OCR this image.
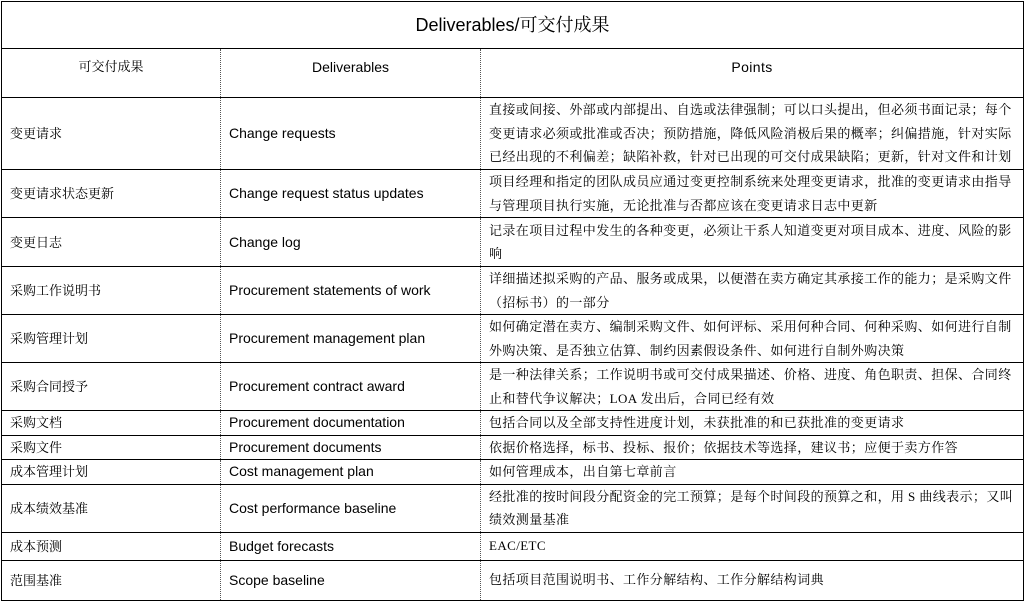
Deliverables/可交付成果		
可交付成果	Deliverables	Points
变更请求	Change requests	直接或间接、外部或内部提出、自选或法律强制；可以口头提出，但必须书面记录；每个变更请求必须或批准或否决；预防措施，降低风险消极后果的概率；纠偏措施，针对实际已经出现的不利偏差；缺陷补救，针对已出现的可交付成果缺陷；更新，针对文件和计划
变更请求状态更新	Change request status updates	项目经理和指定的团队成员应通过变更控制系统来处理变更请求，批准的变更请求由指导与管理项目执行实施，无论批准与否都应该在变更请求日志中更新
变更日志	Change log	记录在项目过程中发生的各种变更，必须让干系人知道变更对项目成本、进度、风险的影响
采购工作说明书	Procurement statements of work	详细描述拟采购的产品、服务或成果，以便潜在卖方确定其承接工作的能力；是采购文件（招标书）的一部分
采购管理计划	Procurement management plan	如何确定潜在卖方、编制采购文件、如何评标、采用何种合同、何种采购、如何进行自制外购决策、是否独立估算、制约因素假设条件、如何进行自制外购决策
采购合同授予	Procurement contract award	是一种法律关系；工作说明书或可交付成果描述、价格、进度、角色职责、担保、合同终止和替代争议解决；LOA 发出后，合同已经有效
采购文档	Procurement documentation	包括合同以及全部支持性进度计划，未获批准的和已获批准的变更请求
采购文件	Procurement documents	依据价格选择，标书、投标、报价；依据技术等选择，建议书；应便于卖方作答
成本管理计划	Cost management plan	如何管理成本，出自第七章前言
成本绩效基准	Cost performance baseline	经批准的按时间段分配资金的完工预算；是每个时间段的预算之和，用 S 曲线表示；又叫绩效测量基准
成本预测	Budget forecasts	EAC/ETC
范围基准	Scope baseline	包括项目范围说明书、工作分解结构、工作分解结构词典
